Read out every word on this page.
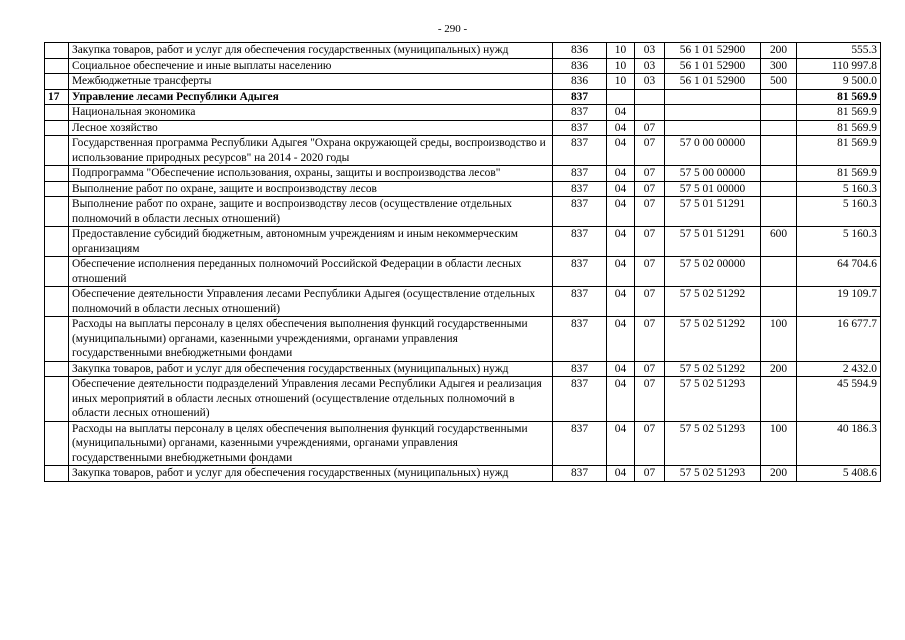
- 290 -
	Закупка товаров, работ и услуг для обеспечения государственных (муниципальных) нужд	836	10	03	56 1 01 52900	200	555.3
	Социальное обеспечение и иные выплаты населению	836	10	03	56 1 01 52900	300	110 997.8
	Межбюджетные трансферты	836	10	03	56 1 01 52900	500	9 500.0
17	Управление лесами Республики Адыгея	837					81 569.9
	Национальная экономика	837	04				81 569.9
	Лесное хозяйство	837	04	07			81 569.9
	Государственная программа Республики Адыгея "Охрана окружающей среды, воспроизводство и использование природных ресурсов" на 2014 - 2020 годы	837	04	07	57 0 00 00000		81 569.9
	Подпрограмма "Обеспечение использования, охраны, защиты и воспроизводства лесов"	837	04	07	57 5 00 00000		81 569.9
	Выполнение работ по охране, защите и воспроизводству лесов	837	04	07	57 5 01 00000		5 160.3
	Выполнение работ по охране, защите и воспроизводству лесов (осуществление отдельных полномочий в области лесных отношений)	837	04	07	57 5 01 51291		5 160.3
	Предоставление субсидий бюджетным, автономным учреждениям и иным некоммерческим организациям	837	04	07	57 5 01 51291	600	5 160.3
	Обеспечение исполнения переданных полномочий Российской Федерации в области лесных отношений	837	04	07	57 5 02 00000		64 704.6
	Обеспечение деятельности Управления лесами Республики Адыгея (осуществление отдельных полномочий в области лесных отношений)	837	04	07	57 5 02 51292		19 109.7
	Расходы на выплаты персоналу в целях обеспечения выполнения функций государственными (муниципальными) органами, казенными учреждениями, органами управления государственными внебюджетными фондами	837	04	07	57 5 02 51292	100	16 677.7
	Закупка товаров, работ и услуг для обеспечения государственных (муниципальных) нужд	837	04	07	57 5 02 51292	200	2 432.0
	Обеспечение деятельности подразделений Управления лесами Республики Адыгея и реализация иных мероприятий в области лесных отношений (осуществление отдельных полномочий в области лесных отношений)	837	04	07	57 5 02 51293		45 594.9
	Расходы на выплаты персоналу в целях обеспечения выполнения функций государственными (муниципальными) органами, казенными учреждениями, органами управления государственными внебюджетными фондами	837	04	07	57 5 02 51293	100	40 186.3
	Закупка товаров, работ и услуг для обеспечения государственных (муниципальных) нужд	837	04	07	57 5 02 51293	200	5 408.6
